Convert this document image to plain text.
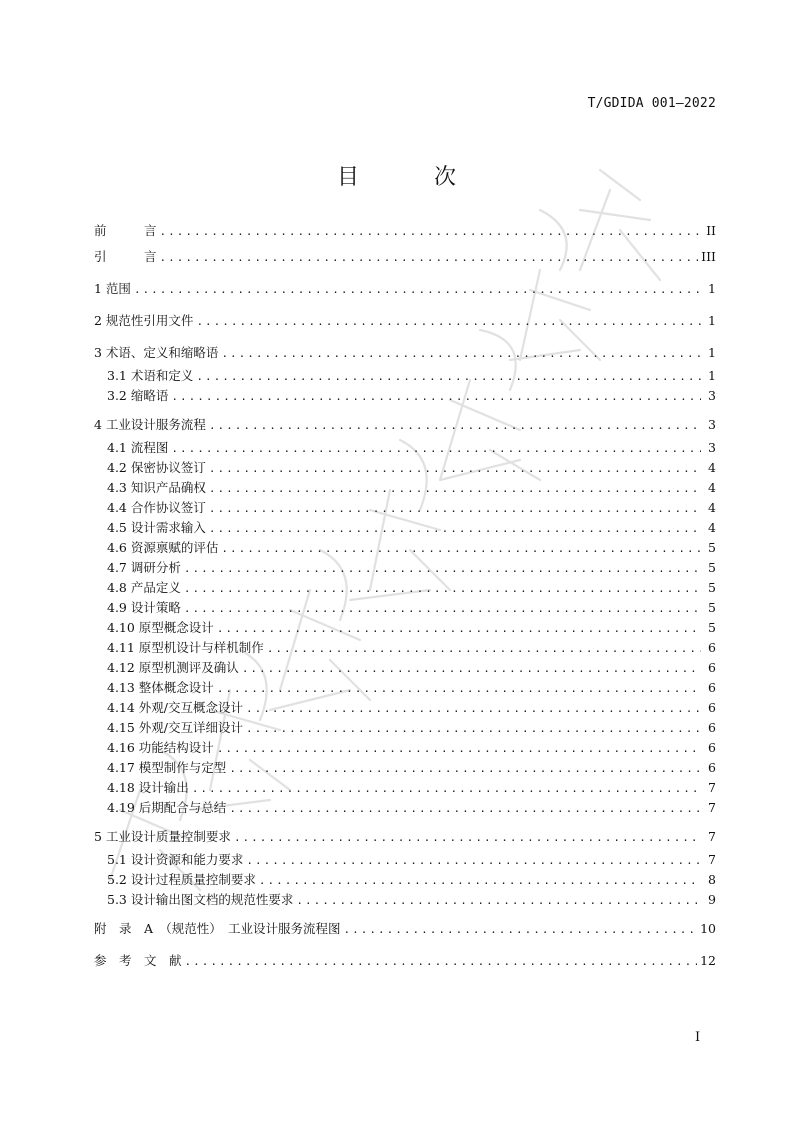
T/GDIDA 001—2022
目 次
前　　　言 .....	II
引　　　言 .....	III
1 范围 .....	1
2 规范性引用文件 .....	1
3 术语、定义和缩略语 .....	1
3.1 术语和定义 .....	1
3.2 缩略语 .....	3
4 工业设计服务流程 .....	3
4.1 流程图 .....	3
4.2 保密协议签订 .....	4
4.3 知识产品确权 .....	4
4.4 合作协议签订 .....	4
4.5 设计需求输入 .....	4
4.6 资源禀赋的评估 .....	5
4.7 调研分析 .....	5
4.8 产品定义 .....	5
4.9 设计策略 .....	5
4.10 原型概念设计 .....	5
4.11 原型机设计与样机制作 .....	6
4.12 原型机测评及确认 .....	6
4.13 整体概念设计 .....	6
4.14 外观/交互概念设计 .....	6
4.15 外观/交互详细设计 .....	6
4.16 功能结构设计 .....	6
4.17 模型制作与定型 .....	6
4.18 设计输出 .....	7
4.19 后期配合与总结 .....	7
5 工业设计质量控制要求 .....	7
5.1 设计资源和能力要求 .....	7
5.2 设计过程质量控制要求 .....	8
5.3 设计输出图文档的规范性要求 .....	9
附　录　A　（规范性）　工业设计服务流程图 .....	10
参　考　文　献 .....	12
I
